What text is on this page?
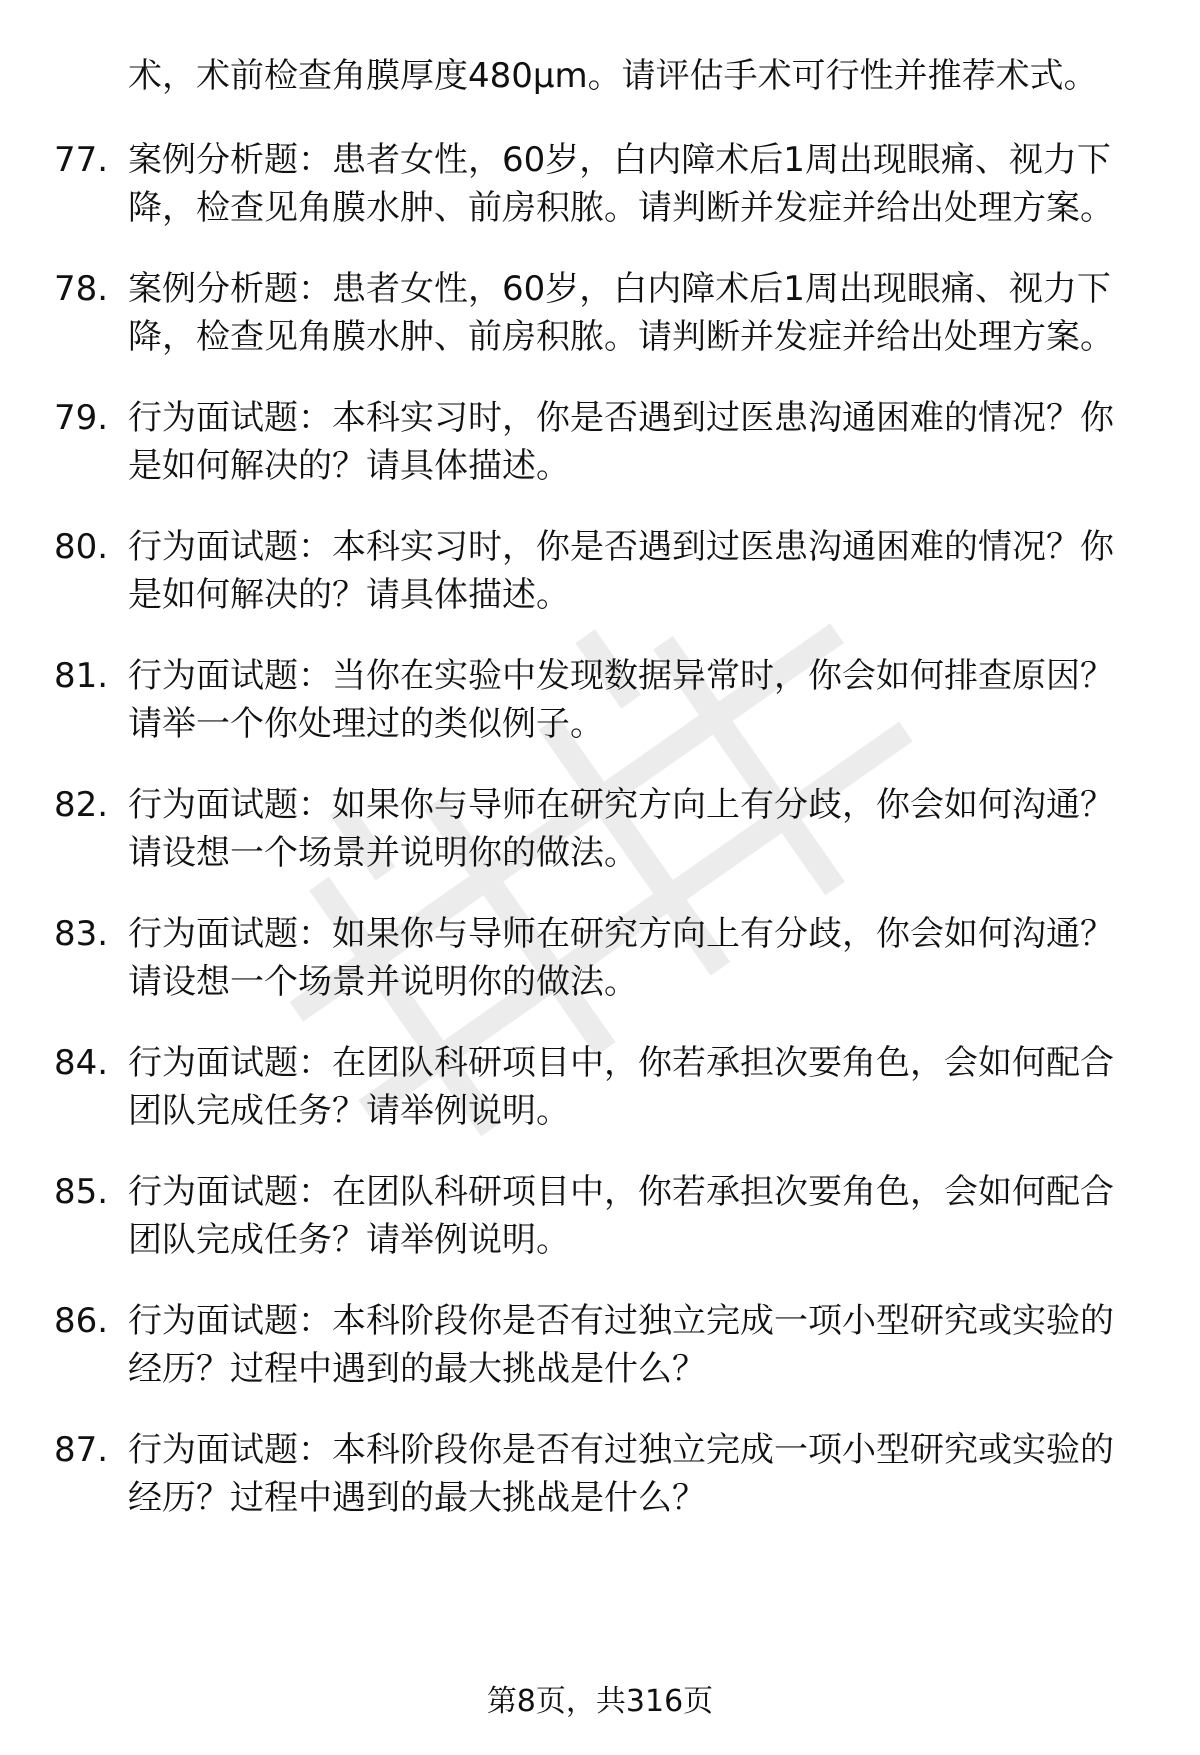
术，术前检查角膜厚度480μm。请评估手术可行性并推荐术式。
77. 案例分析题：患者女性，60岁，白内障术后1周出现眼痛、视力下降，检查见角膜水肿、前房积脓。请判断并发症并给出处理方案。
78. 案例分析题：患者女性，60岁，白内障术后1周出现眼痛、视力下降，检查见角膜水肿、前房积脓。请判断并发症并给出处理方案。
79. 行为面试题：本科实习时，你是否遇到过医患沟通困难的情况？你是如何解决的？请具体描述。
80. 行为面试题：本科实习时，你是否遇到过医患沟通困难的情况？你是如何解决的？请具体描述。
81. 行为面试题：当你在实验中发现数据异常时，你会如何排查原因？请举一个你处理过的类似例子。
82. 行为面试题：如果你与导师在研究方向上有分歧，你会如何沟通？请设想一个场景并说明你的做法。
83. 行为面试题：如果你与导师在研究方向上有分歧，你会如何沟通？请设想一个场景并说明你的做法。
84. 行为面试题：在团队科研项目中，你若承担次要角色，会如何配合团队完成任务？请举例说明。
85. 行为面试题：在团队科研项目中，你若承担次要角色，会如何配合团队完成任务？请举例说明。
86. 行为面试题：本科阶段你是否有过独立完成一项小型研究或实验的经历？过程中遇到的最大挑战是什么？
87. 行为面试题：本科阶段你是否有过独立完成一项小型研究或实验的经历？过程中遇到的最大挑战是什么？
第8页，共316页
